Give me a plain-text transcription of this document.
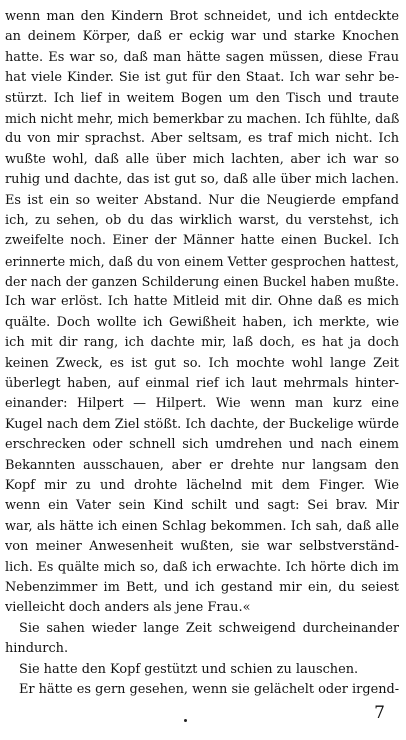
wenn man den Kindern Brot schneidet, und ich entdeckte
an deinem Körper, daß er eckig war und starke Knochen
hatte. Es war so, daß man hätte sagen müssen, diese Frau
hat viele Kinder. Sie ist gut für den Staat. Ich war sehr be-
stürzt. Ich lief in weitem Bogen um den Tisch und traute
mich nicht mehr, mich bemerkbar zu machen. Ich fühlte, daß
du von mir sprachst. Aber seltsam, es traf mich nicht. Ich
wußte wohl, daß alle über mich lachten, aber ich war so
ruhig und dachte, das ist gut so, daß alle über mich lachen.
Es ist ein so weiter Abstand. Nur die Neugierde empfand
ich, zu sehen, ob du das wirklich warst, du verstehst, ich
zweifelte noch. Einer der Männer hatte einen Buckel. Ich
erinnerte mich, daß du von einem Vetter gesprochen hattest,
der nach der ganzen Schilderung einen Buckel haben mußte.
Ich war erlöst. Ich hatte Mitleid mit dir. Ohne daß es mich
quälte. Doch wollte ich Gewißheit haben, ich merkte, wie
ich mit dir rang, ich dachte mir, laß doch, es hat ja doch
keinen Zweck, es ist gut so. Ich mochte wohl lange Zeit
überlegt haben, auf einmal rief ich laut mehrmals hinter-
einander: Hilpert — Hilpert. Wie wenn man kurz eine
Kugel nach dem Ziel stößt. Ich dachte, der Buckelige würde
erschrecken oder schnell sich umdrehen und nach einem
Bekannten ausschauen, aber er drehte nur langsam den
Kopf mir zu und drohte lächelnd mit dem Finger. Wie
wenn ein Vater sein Kind schilt und sagt: Sei brav. Mir
war, als hätte ich einen Schlag bekommen. Ich sah, daß alle
von meiner Anwesenheit wußten, sie war selbstverständ-
lich. Es quälte mich so, daß ich erwachte. Ich hörte dich im
Nebenzimmer im Bett, und ich gestand mir ein, du seiest
vielleicht doch anders als jene Frau.«
Sie sahen wieder lange Zeit schweigend durcheinander
hindurch.
Sie hatte den Kopf gestützt und schien zu lauschen.
Er hätte es gern gesehen, wenn sie gelächelt oder irgend-
7
